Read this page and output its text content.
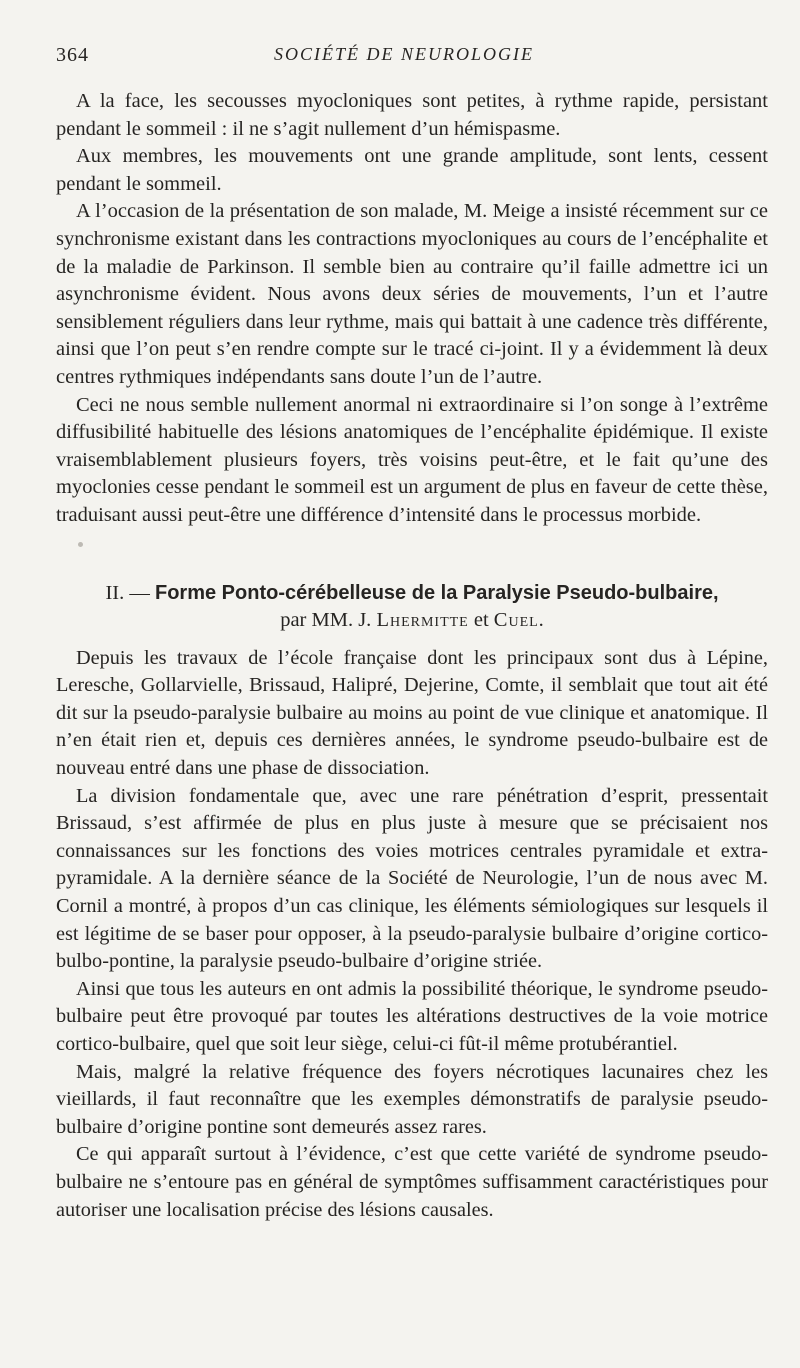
364	SOCIÉTÉ DE NEUROLOGIE

A la face, les secousses myocloniques sont petites, à rythme rapide, persistant pendant le sommeil : il ne s’agit nullement d’un hémispasme.

Aux membres, les mouvements ont une grande amplitude, sont lents, cessent pendant le sommeil.

A l’occasion de la présentation de son malade, M. Meige a insisté récemment sur ce synchronisme existant dans les contractions myocloniques au cours de l’encéphalite et de la maladie de Parkinson. Il semble bien au contraire qu’il faille admettre ici un asynchronisme évident. Nous avons deux séries de mouvements, l’un et l’autre sensiblement réguliers dans leur rythme, mais qui battait à une cadence très différente, ainsi que l’on peut s’en rendre compte sur le tracé ci-joint. Il y a évidemment là deux centres rythmiques indépendants sans doute l’un de l’autre.

Ceci ne nous semble nullement anormal ni extraordinaire si l’on songe à l’extrême diffusibilité habituelle des lésions anatomiques de l’encéphalite épidémique. Il existe vraisemblablement plusieurs foyers, très voisins peut-être, et le fait qu’une des myoclonies cesse pendant le sommeil est un argument de plus en faveur de cette thèse, traduisant aussi peut-être une différence d’intensité dans le processus morbide.

II. — Forme Ponto-cérébelleuse de la Paralysie Pseudo-bulbaire,

par MM. J. Lhermitte et Cuel.

Depuis les travaux de l’école française dont les principaux sont dus à Lépine, Leresche, Gollarvielle, Brissaud, Halipré, Dejerine, Comte, il semblait que tout ait été dit sur la pseudo-paralysie bulbaire au moins au point de vue clinique et anatomique. Il n’en était rien et, depuis ces dernières années, le syndrome pseudo-bulbaire est de nouveau entré dans une phase de dissociation.

La division fondamentale que, avec une rare pénétration d’esprit, pressentait Brissaud, s’est affirmée de plus en plus juste à mesure que se précisaient nos connaissances sur les fonctions des voies motrices centrales pyramidale et extra-pyramidale. A la dernière séance de la Société de Neurologie, l’un de nous avec M. Cornil a montré, à propos d’un cas clinique, les éléments sémiologiques sur lesquels il est légitime de se baser pour opposer, à la pseudo-paralysie bulbaire d’origine cortico-bulbo-pontine, la paralysie pseudo-bulbaire d’origine striée.

Ainsi que tous les auteurs en ont admis la possibilité théorique, le syndrome pseudo-bulbaire peut être provoqué par toutes les altérations destructives de la voie motrice cortico-bulbaire, quel que soit leur siège, celui-ci fût-il même protubérantiel.

Mais, malgré la relative fréquence des foyers nécrotiques lacunaires chez les vieillards, il faut reconnaître que les exemples démonstratifs de paralysie pseudo-bulbaire d’origine pontine sont demeurés assez rares.

Ce qui apparaît surtout à l’évidence, c’est que cette variété de syndrome pseudo-bulbaire ne s’entoure pas en général de symptômes suffisamment caractéristiques pour autoriser une localisation précise des lésions causales.
